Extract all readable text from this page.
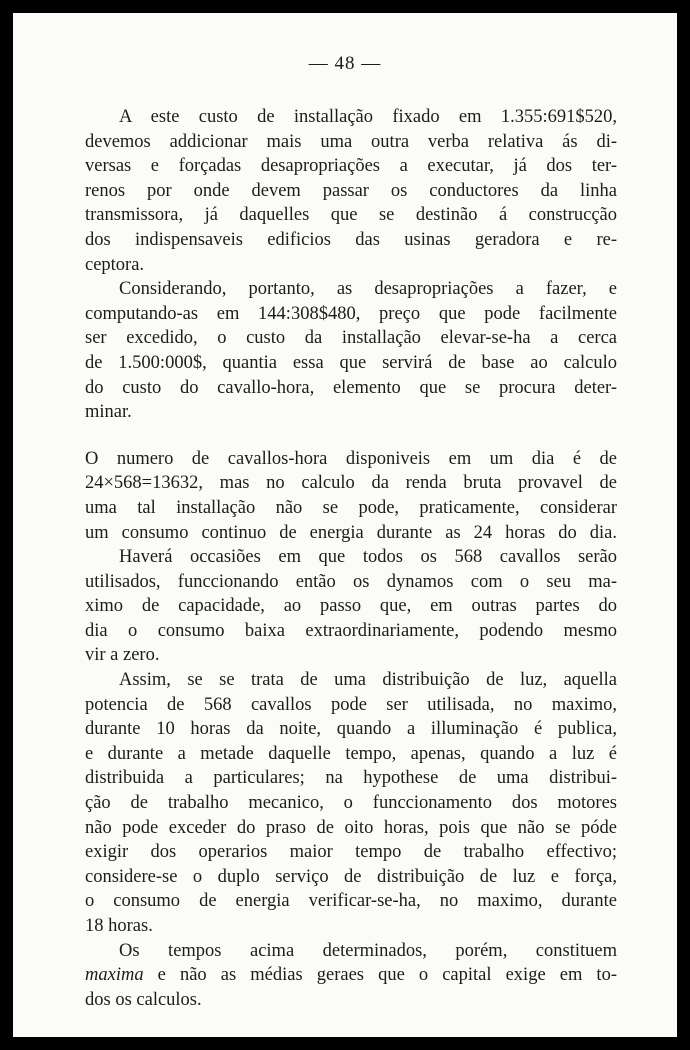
— 48 —
A este custo de installação fixado em 1.355:691$520,
devemos addicionar mais uma outra verba relativa ás di-
versas e forçadas desapropriações a executar, já dos ter-
renos por onde devem passar os conductores da linha
transmissora, já daquelles que se destinão á construcção
dos indispensaveis edificios das usinas geradora e re-
ceptora.
Considerando, portanto, as desapropriações a fazer, e
computando-as em 144:308$480, preço que pode facilmente
ser excedido, o custo da installação elevar-se-ha a cerca
de 1.500:000$, quantia essa que servirá de base ao calculo
do custo do cavallo-hora, elemento que se procura deter-
minar.
O numero de cavallos-hora disponiveis em um dia é de
24×568=13632, mas no calculo da renda bruta provavel de
uma tal installação não se pode, praticamente, considerar
um consumo continuo de energia durante as 24 horas do dia.
Haverá occasiões em que todos os 568 cavallos serão
utilisados, funccionando então os dynamos com o seu ma-
ximo de capacidade, ao passo que, em outras partes do
dia o consumo baixa extraordinariamente, podendo mesmo
vir a zero.
Assim, se se trata de uma distribuição de luz, aquella
potencia de 568 cavallos pode ser utilisada, no maximo,
durante 10 horas da noite, quando a illuminação é publica,
e durante a metade daquelle tempo, apenas, quando a luz é
distribuida a particulares; na hypothese de uma distribui-
ção de trabalho mecanico, o funccionamento dos motores
não pode exceder do praso de oito horas, pois que não se póde
exigir dos operarios maior tempo de trabalho effectivo;
considere-se o duplo serviço de distribuição de luz e força,
o consumo de energia verificar-se-ha, no maximo, durante
18 horas.
Os tempos acima determinados, porém, constituem
maxima e não as médias geraes que o capital exige em to-
dos os calculos.
